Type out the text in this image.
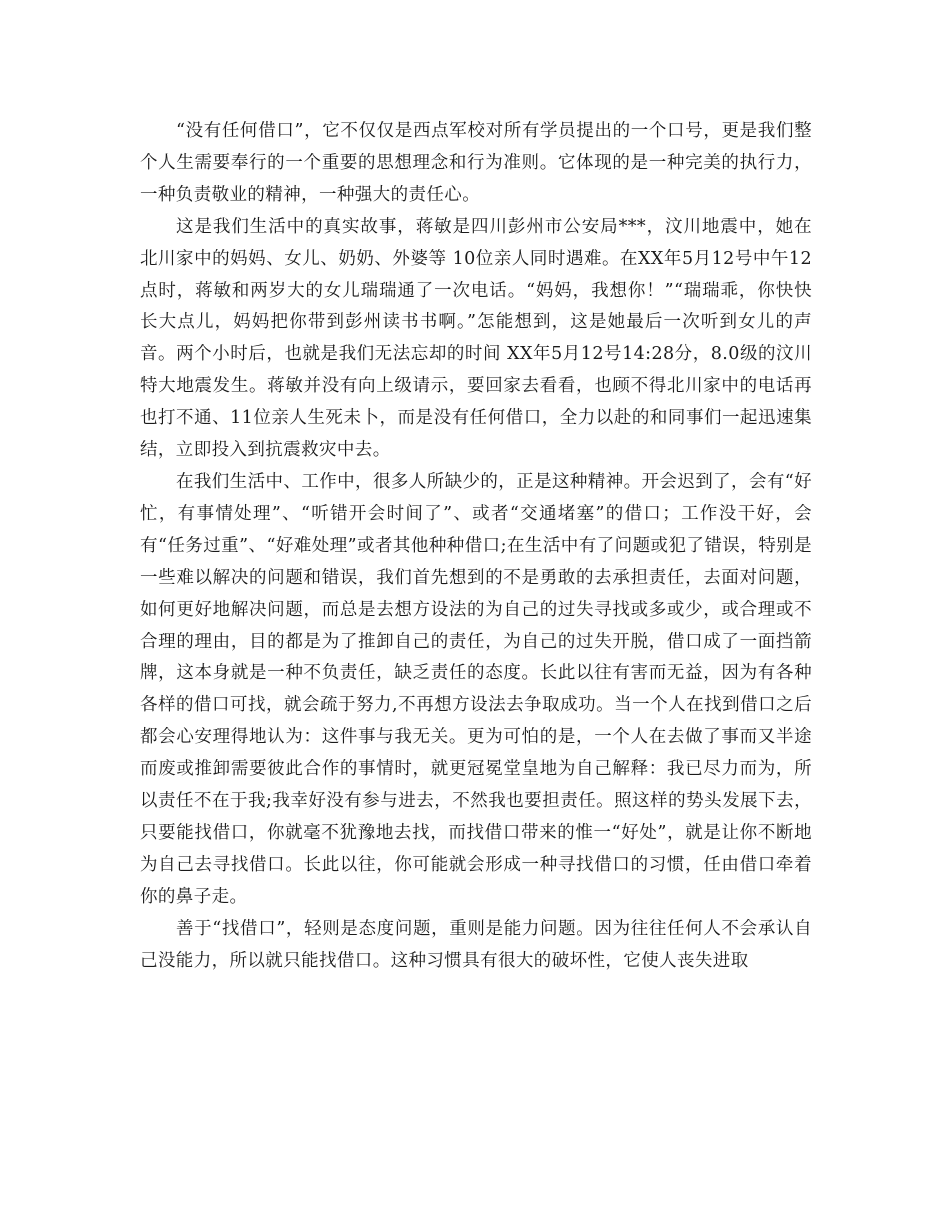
“没有任何借口”，它不仅仅是西点军校对所有学员提出的一个口号，更是我们整个人生需要奉行的一个重要的思想理念和行为准则。它体现的是一种完美的执行力，一种负责敬业的精神，一种强大的责任心。

这是我们生活中的真实故事，蒋敏是四川彭州市公安局***，汶川地震中，她在北川家中的妈妈、女儿、奶奶、外婆等 10位亲人同时遇难。在XX年5月12号中午12点时，蒋敏和两岁大的女儿瑞瑞通了一次电话。“妈妈，我想你！”“瑞瑞乖，你快快长大点儿，妈妈把你带到彭州读书书啊。”怎能想到，这是她最后一次听到女儿的声音。两个小时后，也就是我们无法忘却的时间 XX年5月12号14:28分，8.0级的汶川特大地震发生。蒋敏并没有向上级请示，要回家去看看，也顾不得北川家中的电话再也打不通、11位亲人生死未卜，而是没有任何借口，全力以赴的和同事们一起迅速集结，立即投入到抗震救灾中去。

在我们生活中、工作中，很多人所缺少的，正是这种精神。开会迟到了，会有“好忙，有事情处理”、“听错开会时间了”、或者“交通堵塞”的借口；工作没干好，会有“任务过重”、“好难处理”或者其他种种借口;在生活中有了问题或犯了错误，特别是一些难以解决的问题和错误，我们首先想到的不是勇敢的去承担责任，去面对问题，如何更好地解决问题，而总是去想方设法的为自己的过失寻找或多或少，或合理或不合理的理由，目的都是为了推卸自己的责任，为自己的过失开脱，借口成了一面挡箭牌，这本身就是一种不负责任，缺乏责任的态度。长此以往有害而无益，因为有各种各样的借口可找，就会疏于努力,不再想方设法去争取成功。当一个人在找到借口之后都会心安理得地认为：这件事与我无关。更为可怕的是，一个人在去做了事而又半途而废或推卸需要彼此合作的事情时，就更冠冕堂皇地为自己解释：我已尽力而为，所以责任不在于我;我幸好没有参与进去，不然我也要担责任。照这样的势头发展下去，只要能找借口，你就毫不犹豫地去找，而找借口带来的惟一“好处”，就是让你不断地为自己去寻找借口。长此以往，你可能就会形成一种寻找借口的习惯，任由借口牵着你的鼻子走。

善于“找借口”，轻则是态度问题，重则是能力问题。因为往往任何人不会承认自己没能力，所以就只能找借口。这种习惯具有很大的破坏性，它使人丧失进取
